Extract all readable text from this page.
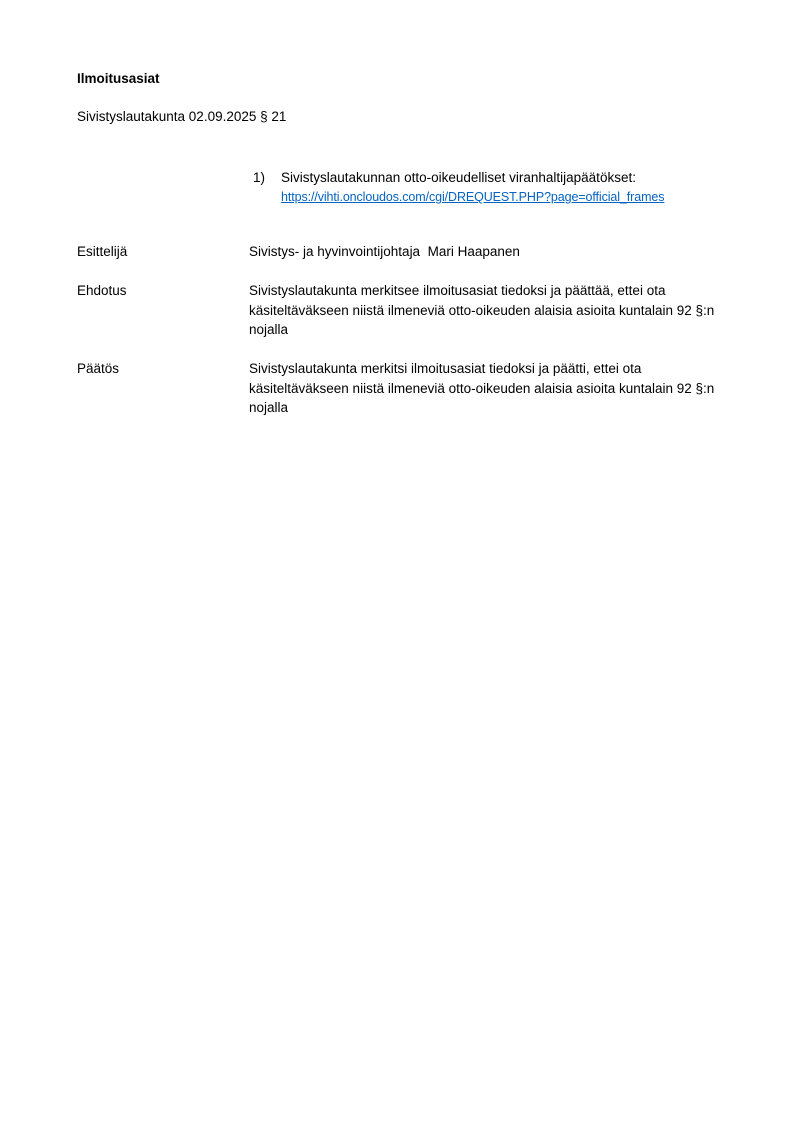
Ilmoitusasiat
Sivistyslautakunta 02.09.2025 § 21
1)	Sivistyslautakunnan otto-oikeudelliset viranhaltijapäätökset:
https://vihti.oncloudos.com/cgi/DREQUEST.PHP?page=official_frames
Esittelijä	Sivistys- ja hyvinvointijohtaja  Mari Haapanen
Ehdotus	Sivistyslautakunta merkitsee ilmoitusasiat tiedoksi ja päättää, ettei ota käsiteltäväkseen niistä ilmeneviä otto-oikeuden alaisia asioita kuntalain 92 §:n nojalla
Päätös	Sivistyslautakunta merkitsi ilmoitusasiat tiedoksi ja päätti, ettei ota käsiteltäväkseen niistä ilmeneviä otto-oikeuden alaisia asioita kuntalain 92 §:n nojalla
